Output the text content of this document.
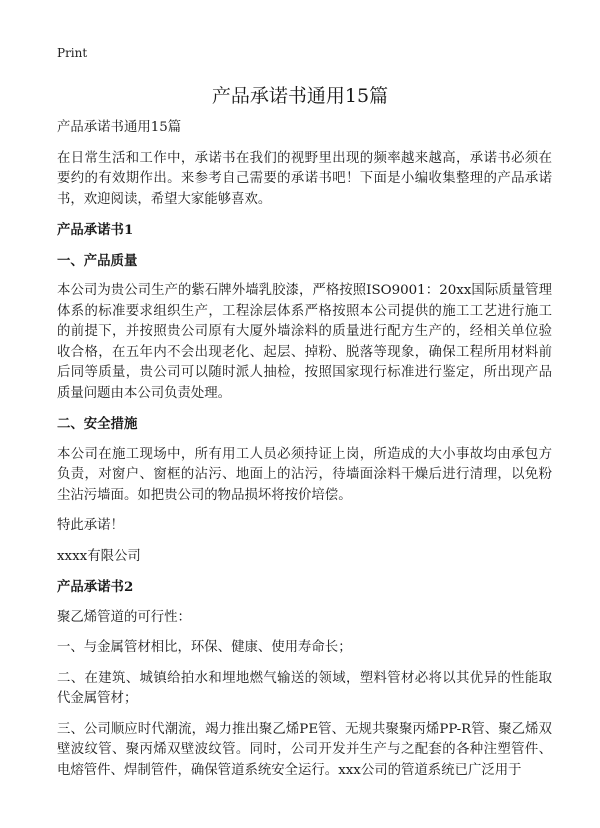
Print
产品承诺书通用15篇

产品承诺书通用15篇

在日常生活和工作中，承诺书在我们的视野里出现的频率越来越高，承诺书必须在要约的有效期作出。来参考自己需要的承诺书吧！下面是小编收集整理的产品承诺书，欢迎阅读，希望大家能够喜欢。

产品承诺书1

一、产品质量

本公司为贵公司生产的紫石牌外墙乳胶漆，严格按照ISO9001：20xx国际质量管理体系的标准要求组织生产，工程涂层体系严格按照本公司提供的施工工艺进行施工的前提下，并按照贵公司原有大厦外墙涂料的质量进行配方生产的，经相关单位验收合格，在五年内不会出现老化、起层、掉粉、脱落等现象，确保工程所用材料前后同等质量，贵公司可以随时派人抽检，按照国家现行标准进行鉴定，所出现产品质量问题由本公司负责处理。

二、安全措施

本公司在施工现场中，所有用工人员必须持证上岗，所造成的大小事故均由承包方负责，对窗户、窗框的沾污、地面上的沾污，待墙面涂料干燥后进行清理，以免粉尘沾污墙面。如把贵公司的物品损坏将按价培偿。

特此承诺！

xxxx有限公司

产品承诺书2

聚乙烯管道的可行性：

一、与金属管材相比，环保、健康、使用寿命长；

二、在建筑、城镇给拍水和埋地燃气输送的领域，塑料管材必将以其优异的性能取代金属管材；

三、公司顺应时代潮流，竭力推出聚乙烯PE管、无规共聚聚丙烯PP-R管、聚乙烯双壁波纹管、聚丙烯双壁波纹管。同时，公司开发并生产与之配套的各种注塑管件、电熔管件、焊制管件，确保管道系统安全运行。xxx公司的管道系统已广泛用于
